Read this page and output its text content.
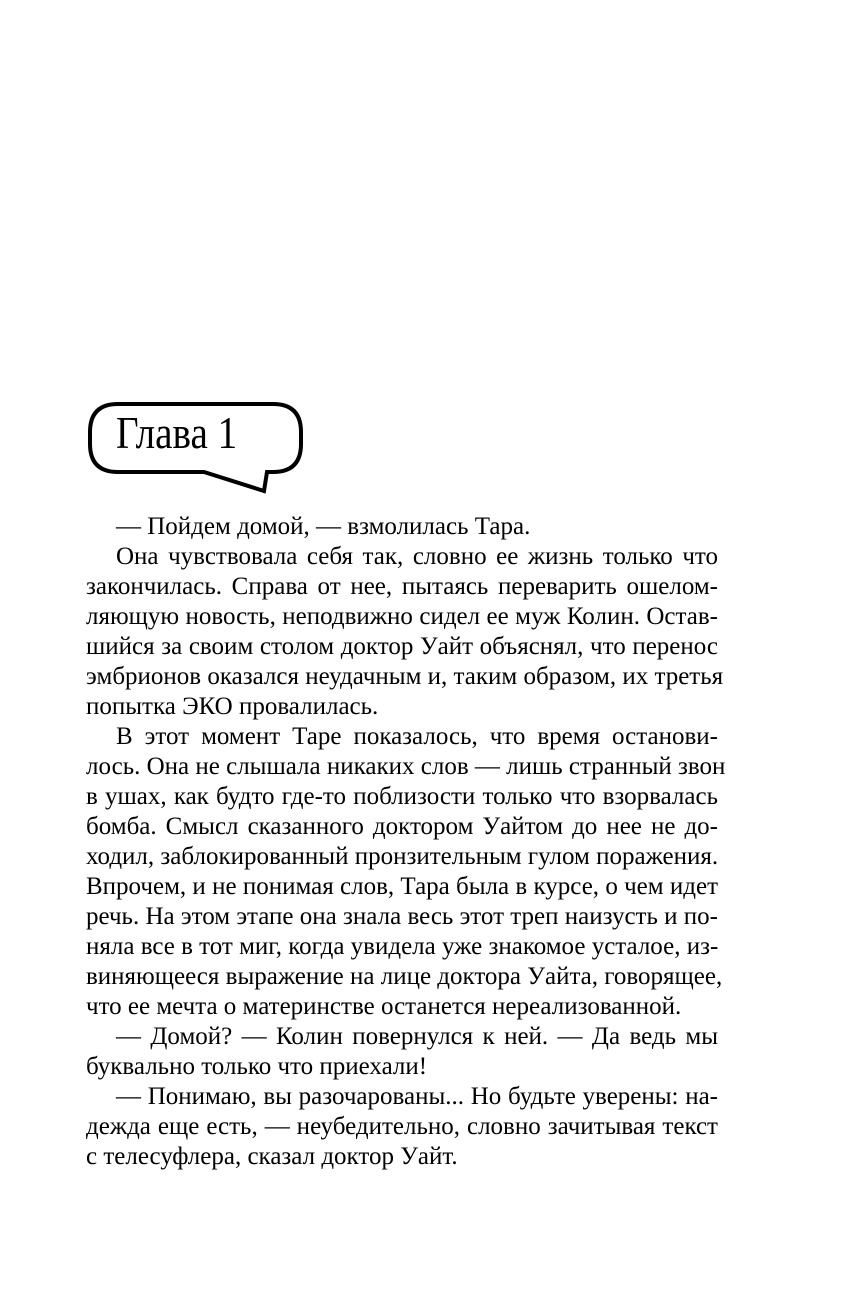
Глава 1
— Пойдем домой, — взмолилась Тара.
Она чувствовала себя так, словно ее жизнь только что
закончилась. Справа от нее, пытаясь переварить ошелом-
ляющую новость, неподвижно сидел ее муж Колин. Остав-
шийся за своим столом доктор Уайт объяснял, что перенос
эмбрионов оказался неудачным и, таким образом, их третья
попытка ЭКО провалилась.
В этот момент Таре показалось, что время останови-
лось. Она не слышала никаких слов — лишь странный звон
в ушах, как будто где-то поблизости только что взорвалась
бомба. Смысл сказанного доктором Уайтом до нее не до-
ходил, заблокированный пронзительным гулом поражения.
Впрочем, и не понимая слов, Тара была в курсе, о чем идет
речь. На этом этапе она знала весь этот треп наизусть и по-
няла все в тот миг, когда увидела уже знакомое усталое, из-
виняющееся выражение на лице доктора Уайта, говорящее,
что ее мечта о материнстве останется нереализованной.
— Домой? — Колин повернулся к ней. — Да ведь мы
буквально только что приехали!
— Понимаю, вы разочарованы... Но будьте уверены: на-
дежда еще есть, — неубедительно, словно зачитывая текст
с телесуфлера, сказал доктор Уайт.
